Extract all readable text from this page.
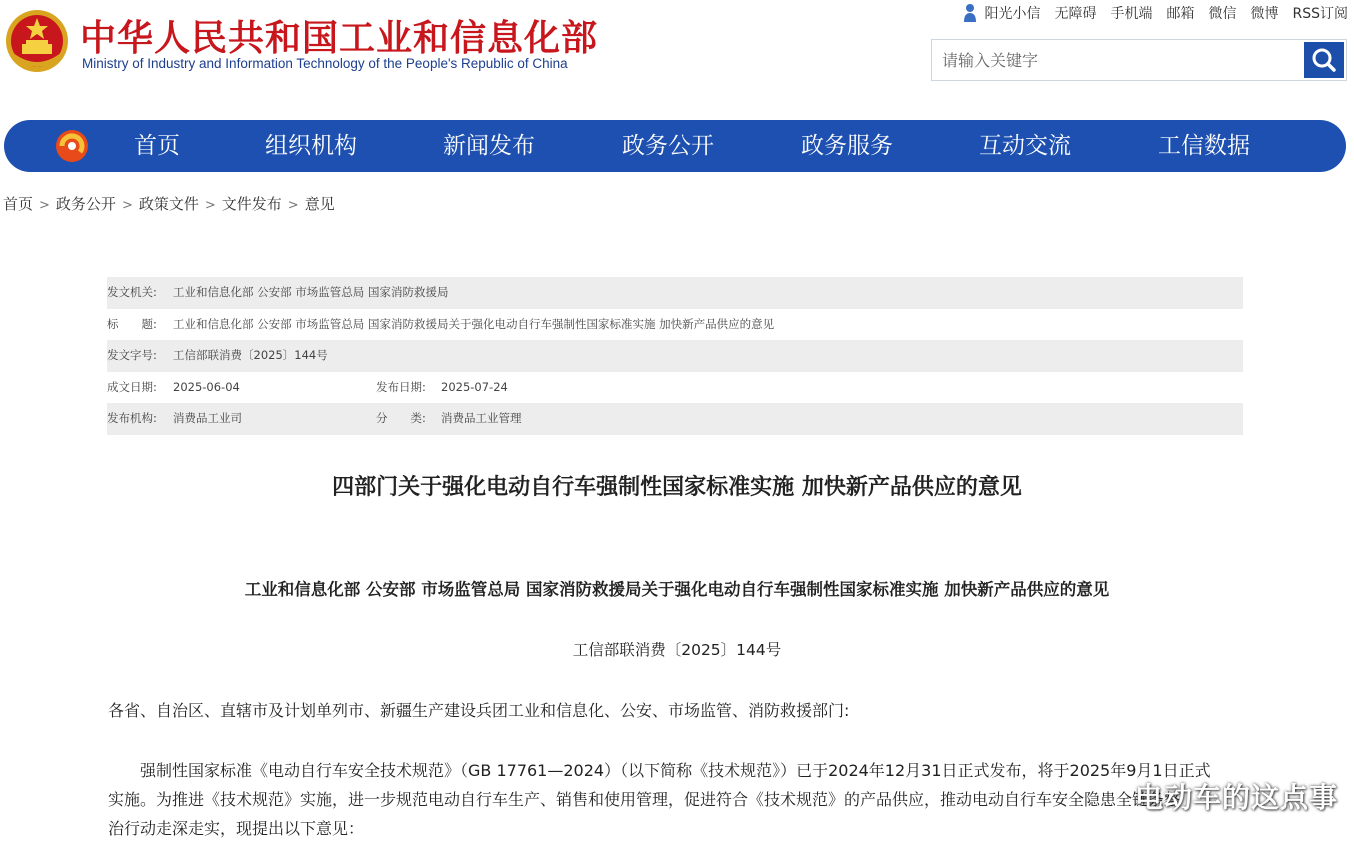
中华人民共和国工业和信息化部
Ministry of Industry and Information Technology of the People's Republic of China
阳光小信 无障碍 手机端 邮箱 微信 微博 RSS订阅
请输入关键字
首页	组织机构	新闻发布	政务公开	政务服务	互动交流	工信数据
首页 > 政务公开 > 政策文件 > 文件发布 > 意见
发文机关: 工业和信息化部 公安部 市场监管总局 国家消防救援局
标　　题: 工业和信息化部 公安部 市场监管总局 国家消防救援局关于强化电动自行车强制性国家标准实施 加快新产品供应的意见
发文字号: 工信部联消费〔2025〕144号
成文日期: 2025-06-04	发布日期: 2025-07-24
发布机构: 消费品工业司	分　　类: 消费品工业管理
四部门关于强化电动自行车强制性国家标准实施 加快新产品供应的意见
工业和信息化部 公安部 市场监管总局 国家消防救援局关于强化电动自行车强制性国家标准实施 加快新产品供应的意见
工信部联消费〔2025〕144号
各省、自治区、直辖市及计划单列市、新疆生产建设兵团工业和信息化、公安、市场监管、消防救援部门:

强制性国家标准《电动自行车安全技术规范》（GB 17761—2024）（以下简称《技术规范》）已于2024年12月31日正式发布，将于2025年9月1日正式

实施。为推进《技术规范》实施，进一步规范电动自行车生产、销售和使用管理，促进符合《技术规范》的产品供应，推动电动自行车安全隐患全链条整

治行动走深走实，现提出以下意见：

电动车的这点事
